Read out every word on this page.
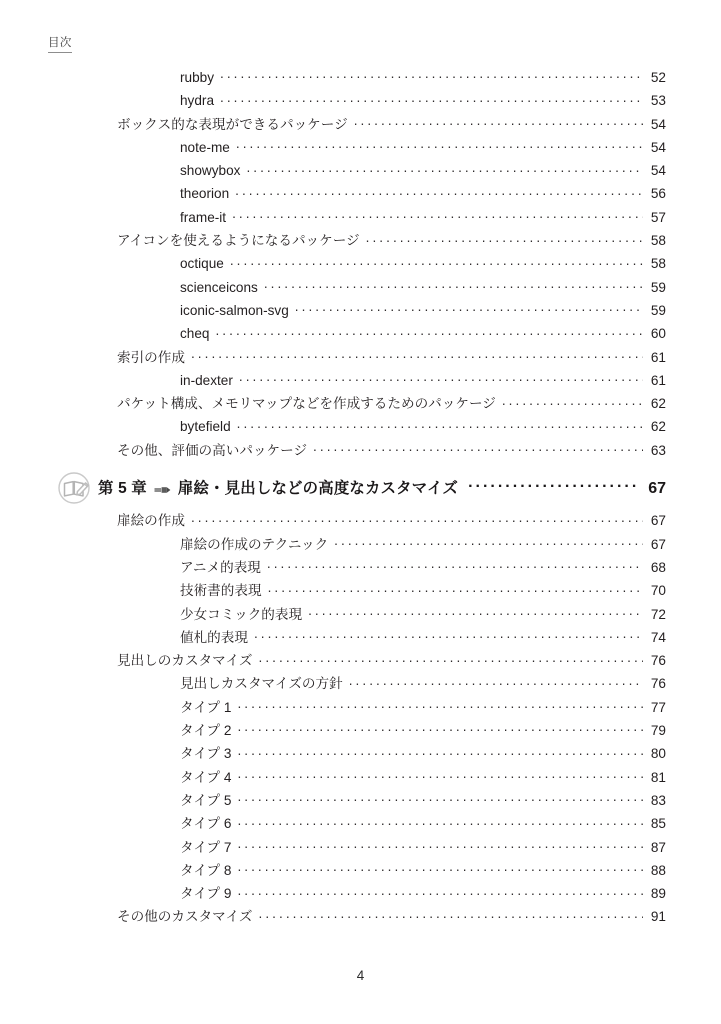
目次
rubby .....	52
hydra .....	53
ボックス的な表現ができるパッケージ .....	54
note-me .....	54
showybox .....	54
theorion .....	56
frame-it .....	57
アイコンを使えるようになるパッケージ .....	58
octique .....	58
scienceicons .....	59
iconic-salmon-svg .....	59
cheq .....	60
索引の作成 .....	61
in-dexter .....	61
パケット構成、メモリマップなどを作成するためのパッケージ .....	62
bytefield .....	62
その他、評価の高いパッケージ .....	63
第 5 章 扉絵・見出しなどの高度なカスタマイズ .....	67
扉絵の作成 .....	67
扉絵の作成のテクニック .....	67
アニメ的表現 .....	68
技術書的表現 .....	70
少女コミック的表現 .....	72
値札的表現 .....	74
見出しのカスタマイズ .....	76
見出しカスタマイズの方針 .....	76
タイプ 1 .....	77
タイプ 2 .....	79
タイプ 3 .....	80
タイプ 4 .....	81
タイプ 5 .....	83
タイプ 6 .....	85
タイプ 7 .....	87
タイプ 8 .....	88
タイプ 9 .....	89
その他のカスタマイズ .....	91
4
